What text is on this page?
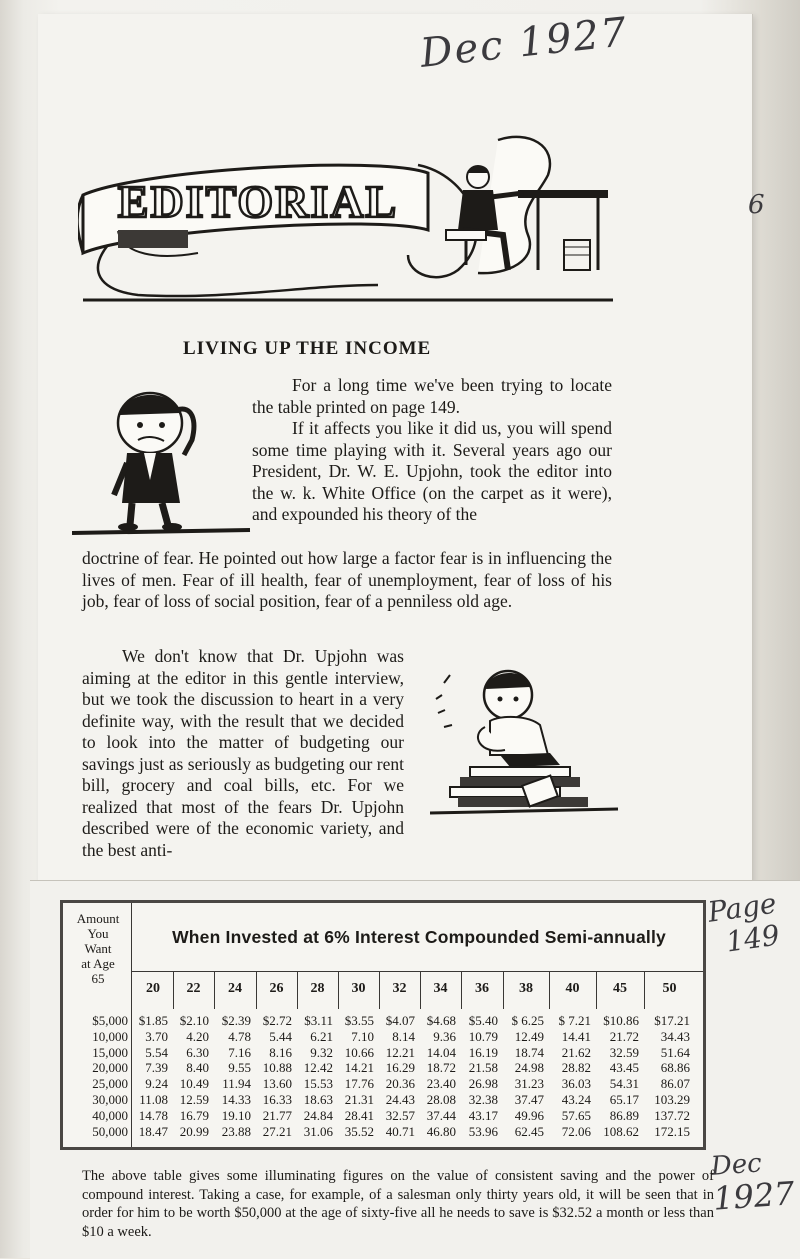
Dec 1927
6
Page
149
Dec
1927
EDITORIAL
LIVING UP THE INCOME
For a long time we've been trying to locate the table printed on page 149.
If it affects you like it did us, you will spend some time playing with it. Several years ago our President, Dr. W. E. Upjohn, took the editor into the w. k. White Office (on the carpet as it were), and expounded his theory of the
doctrine of fear. He pointed out how large a factor fear is in influencing the lives of men. Fear of ill health, fear of unemployment, fear of loss of his job, fear of loss of social position, fear of a penniless old age.
We don't know that Dr. Upjohn was aiming at the editor in this gentle interview, but we took the discussion to heart in a very definite way, with the result that we decided to look into the matter of budgeting our savings just as seriously as budgeting our rent bill, grocery and coal bills, etc. For we realized that most of the fears Dr. Upjohn described were of the economic variety, and the best anti-
Amount
You
Want
at Age
65
When Invested at 6% Interest Compounded Semi-annually
20	22	24	26	28	30	32	34	36	38	40	45	50
$5,000 $1.85 $2.10 $2.39 $2.72 $3.11 $3.55 $4.07 $4.68 $5.40	$ 6.25	$ 7.21 $10.86	$17.21
10,000	3.70	4.20	4.78	5.44	6.21	7.10	8.14	9.36 10.79	12.49	14.41	21.72	34.43
15,000	5.54	6.30	7.16	8.16	9.32 10.66 12.21 14.04 16.19	18.74	21.62	32.59	51.64
20,000	7.39	8.40	9.55 10.88 12.42 14.21 16.29 18.72 21.58	24.98	28.82	43.45	68.86
25,000	9.24 10.49	11.94 13.60 15.53 17.76 20.36 23.40 26.98	31.23	36.03	54.31	86.07
30,000 11.08 12.59 14.33 16.33 18.63 21.31 24.43 28.08 32.38	37.47	43.24	65.17	103.29
40,000 14.78 16.79 19.10 21.77 24.84 28.41 32.57 37.44 43.17	49.96	57.65	86.89	137.72
50,000 18.47 20.99 23.88 27.21 31.06 35.52 40.71 46.80 53.96	62.45	72.06 108.62	172.15
The above table gives some illuminating figures on the value of consistent saving and the power of compound interest. Taking a case, for example, of a salesman only thirty years old, it will be seen that in order for him to be worth $50,000 at the age of sixty-five all he needs to save is $32.52 a month or less than $10 a week.
